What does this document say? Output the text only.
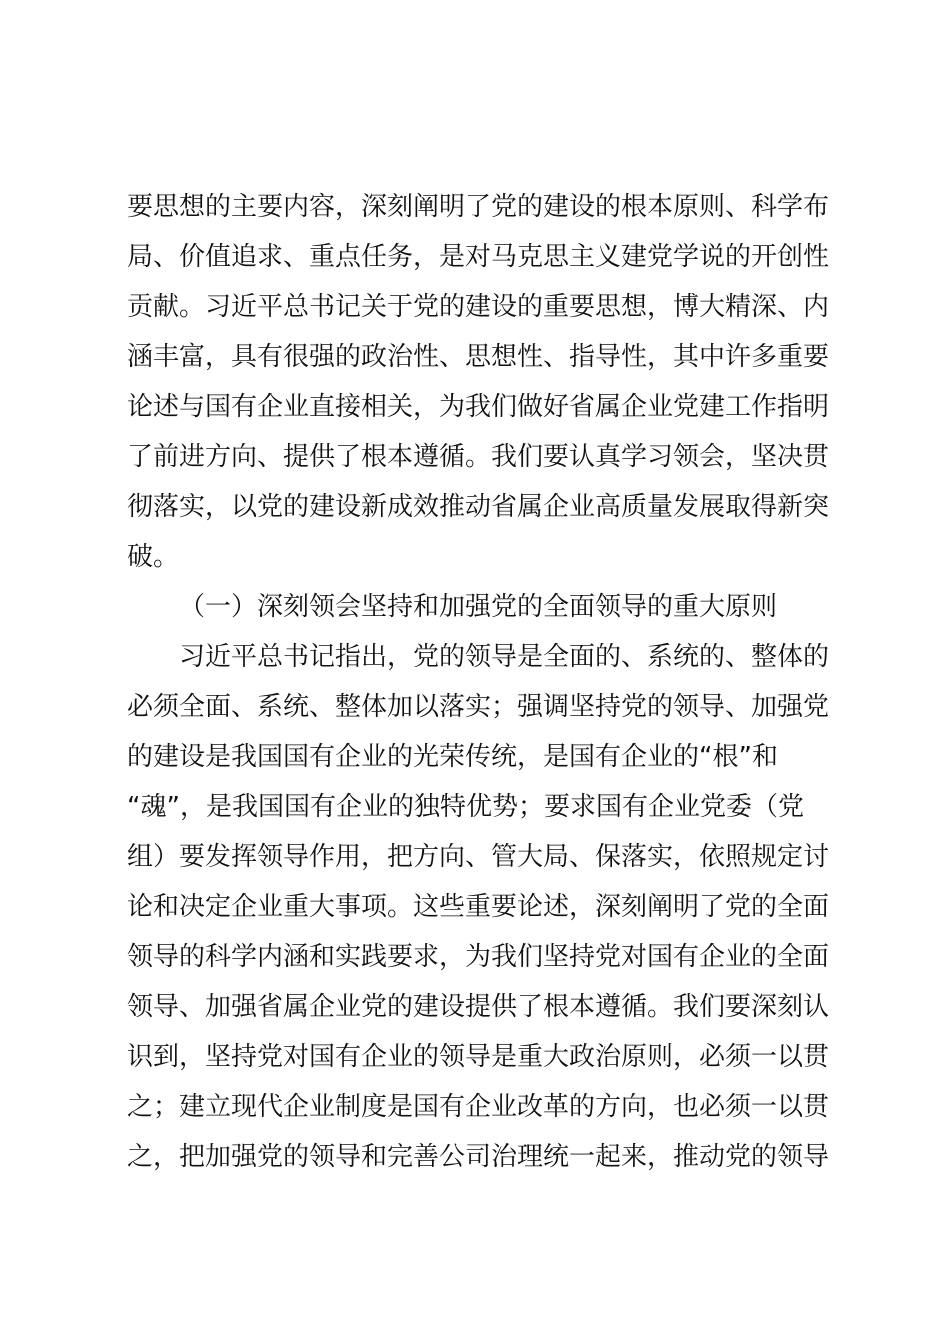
要思想的主要内容，深刻阐明了党的建设的根本原则、科学布
局、价值追求、重点任务，是对马克思主义建党学说的开创性
贡献。习近平总书记关于党的建设的重要思想，博大精深、内
涵丰富，具有很强的政治性、思想性、指导性，其中许多重要
论述与国有企业直接相关，为我们做好省属企业党建工作指明
了前进方向、提供了根本遵循。我们要认真学习领会，坚决贯
彻落实，以党的建设新成效推动省属企业高质量发展取得新突
破。
（一）深刻领会坚持和加强党的全面领导的重大原则
习近平总书记指出，党的领导是全面的、系统的、整体的
必须全面、系统、整体加以落实；强调坚持党的领导、加强党
的建设是我国国有企业的光荣传统，是国有企业的“根”和
“魂”，是我国国有企业的独特优势；要求国有企业党委（党
组）要发挥领导作用，把方向、管大局、保落实，依照规定讨
论和决定企业重大事项。这些重要论述，深刻阐明了党的全面
领导的科学内涵和实践要求，为我们坚持党对国有企业的全面
领导、加强省属企业党的建设提供了根本遵循。我们要深刻认
识到，坚持党对国有企业的领导是重大政治原则，必须一以贯
之；建立现代企业制度是国有企业改革的方向，也必须一以贯
之，把加强党的领导和完善公司治理统一起来，推动党的领导
